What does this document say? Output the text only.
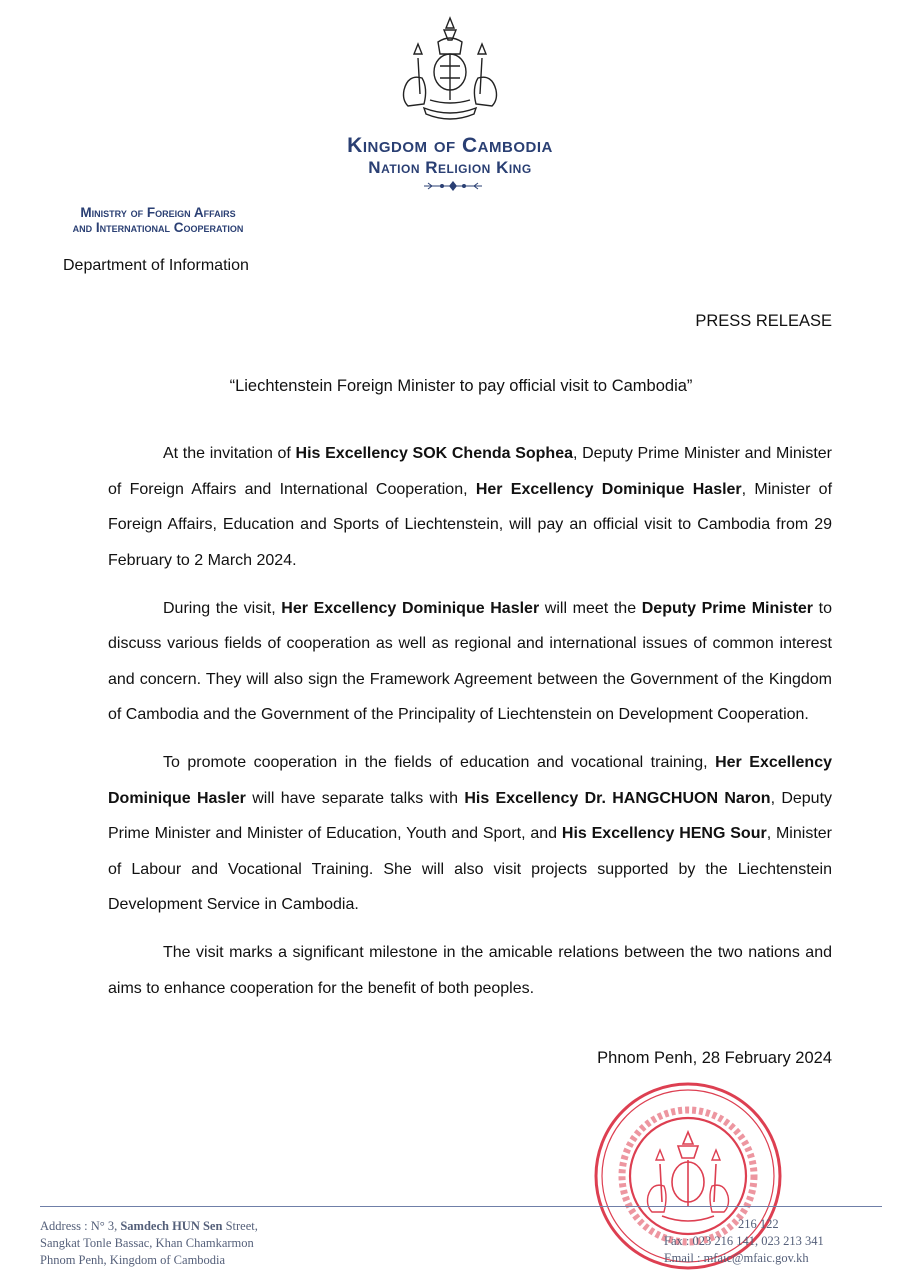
Kingdom of Cambodia
Nation Religion King
Ministry of Foreign Affairs
and International Cooperation
Department of Information
PRESS RELEASE
“Liechtenstein Foreign Minister to pay official visit to Cambodia”

At the invitation of His Excellency SOK Chenda Sophea, Deputy Prime Minister and Minister of Foreign Affairs and International Cooperation, Her Excellency Dominique Hasler, Minister of Foreign Affairs, Education and Sports of Liechtenstein, will pay an official visit to Cambodia from 29 February to 2 March 2024.

During the visit, Her Excellency Dominique Hasler will meet the Deputy Prime Minister to discuss various fields of cooperation as well as regional and international issues of common interest and concern. They will also sign the Framework Agreement between the Government of the Kingdom of Cambodia and the Government of the Principality of Liechtenstein on Development Cooperation.

To promote cooperation in the fields of education and vocational training, Her Excellency Dominique Hasler will have separate talks with His Excellency Dr. HANGCHUON Naron, Deputy Prime Minister and Minister of Education, Youth and Sport, and His Excellency HENG Sour, Minister of Labour and Vocational Training. She will also visit projects supported by the Liechtenstein Development Service in Cambodia.

The visit marks a significant milestone in the amicable relations between the two nations and aims to enhance cooperation for the benefit of both peoples.

Phnom Penh, 28 February 2024
Address : N° 3, Samdech HUN Sen Street,
Sangkat Tonle Bassac, Khan Chamkarmon
Phnom Penh, Kingdom of Cambodia
216 122
Fax : 023 216 141, 023 213 341
Email : mfaic@mfaic.gov.kh
